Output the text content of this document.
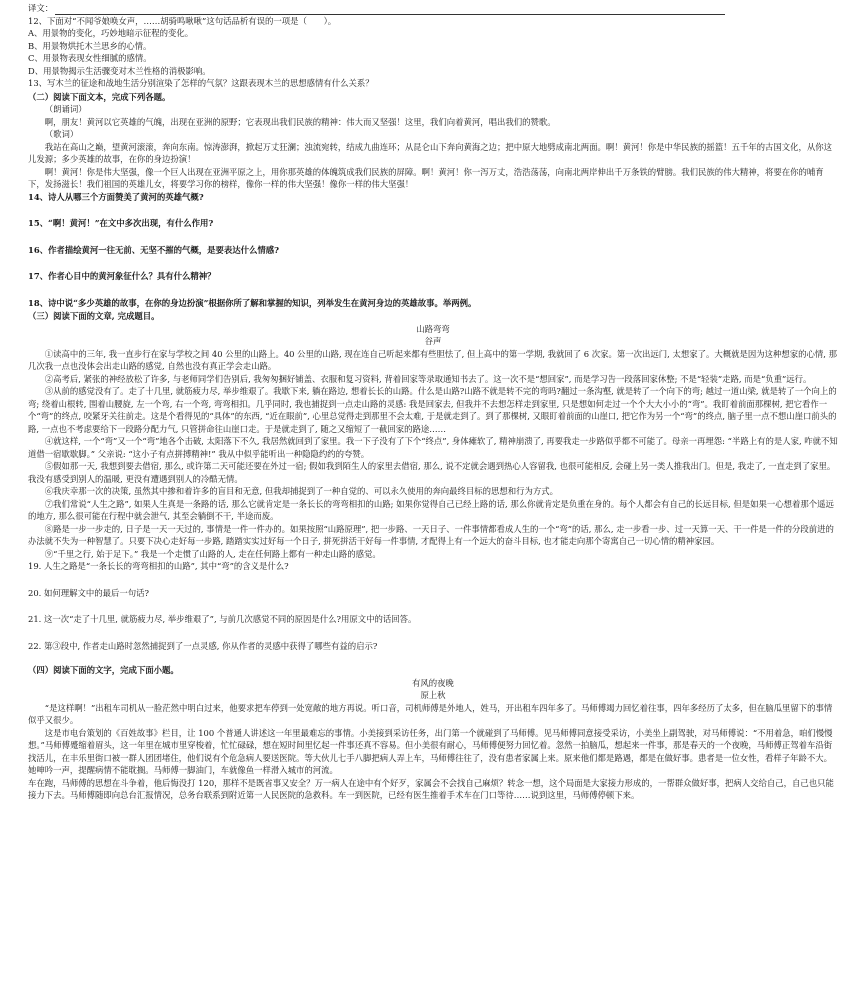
译文：

12、下面对“不闻爷娘唤女声，……胡骑鸣啾啾”这句话品析有误的一项是（　　）。

A、用景物的变化，巧妙地暗示征程的变化。

B、用景物烘托木兰思乡的心情。

C、用景物表现女性细腻的感情。

D、用景物揭示生活骤变对木兰性格的消极影响。

13、写木兰的征途和战地生活分别渲染了怎样的气氛？这跟表现木兰的思想感情有什么关系？

（二）阅读下面文本，完成下列各题。

（朗诵词）

啊，朋友！黄河以它英雄的气魄，出现在亚洲的原野；它表现出我们民族的精神：伟大而又坚强！这里，我们向着黄河，唱出我们的赞歌。

（歌词）

我站在高山之巅，望黄河滚滚，奔向东南。惊涛澎湃，掀起万丈狂澜；浊流宛转，结成九曲连环；从昆仑山下奔向黄海之边；把中原大地劈成南北两面。啊！黄河！你是中华民族的摇篮！五千年的古国文化，从你这儿发源；多少英雄的故事，在你的身边扮演！

啊！黄河！你是伟大坚强，像一个巨人出现在亚洲平原之上，用你那英雄的体魄筑成我们民族的屏障。啊！黄河！你一泻万丈，浩浩荡荡，向南北两岸伸出千万条铁的臂膀。我们民族的伟大精神，将要在你的哺育下，发扬滋长！我们祖国的英雄儿女，将要学习你的榜样，像你一样的伟大坚强！像你一样的伟大坚强！

14、诗人从哪三个方面赞美了黄河的英雄气概?

15、“啊！黄河！”在文中多次出现，有什么作用?

16、作者描绘黄河一往无前、无坚不摧的气概，是要表达什么情感?

17、作者心目中的黄河象征什么？具有什么精神？

18、诗中说“多少英雄的故事，在你的身边扮演”根据你所了解和掌握的知识，列举发生在黄河身边的英雄故事。举两例。

（三）阅读下面的文章, 完成题目。

山路弯弯

谷声

①读高中的三年, 我一直步行在家与学校之间 40 公里的山路上。40 公里的山路, 现在连自己听起来都有些胆怯了, 但上高中的第一学期, 我就回了 6 次家。第一次出远门, 太想家了。大概就是因为这种想家的心情, 那几次我一点也没体会出走山路的感觉, 自然也没有真正学会走山路。

②高考后, 紧张的神经放松了许多, 与老师同学们告别后, 我匆匆捆好铺盖、衣服和复习资料, 背着回家等录取通知书去了。这一次不是“想回家”, 而是学习告一段落回家休整; 不是“轻装”走路, 而是“负重”远行。

③从前的感觉没有了。走了十几里, 就筋疲力尽, 举步维艰了。我歇下来, 躺在路边, 想着长长的山路。什么是山路?山路不就是转不完的弯吗?翻过一条沟壑, 就是转了一个向下的弯; 越过一道山梁, 就是转了一个向上的弯; 绕着山根转, 围着山腰旋, 左一个弯, 右一个弯, 弯弯相扣。几乎同时, 我也捕捉到一点走山路的灵感: 我是回家去, 但我并不去想怎样走到家里, 只是想如何走过一个个大大小小的“弯”。我盯着前面那棵树, 把它看作一个“弯”的终点, 咬紧牙关往前走。这是个看得见的“具体”的东西, “近在眼前”, 心里总觉得走到那里不会太难, 于是就走到了。到了那棵树, 又眼盯着前面的山崖口, 把它作为另一个“弯”的终点, 脑子里一点不想山崖口前头的路, 一点也不考虑要给下一段路分配力气, 只管拼命往山崖口走。于是就走到了, 随之又缩短了一截回家的路途……

④就这样, 一个“弯”又一个“弯”地各个击破, 太阳落下不久, 我居然就回到了家里。我一下子没有了下个“终点”, 身体瘫软了, 精神崩溃了, 再要我走一步路似乎都不可能了。母亲一再埋怨: “半路上有的是人家, 咋就不知道借一宿歇歇脚。” 父亲说: “这小子有点拼搏精神!” 我从中似乎能听出一种隐隐约约的夸赞。

⑤假如那一天, 我想到要去借宿, 那么, 或许第二天可能还要在外过一宿; 假如我到陌生人的家里去借宿, 那么, 说不定就会遇到热心人容留我, 也很可能相反, 会碰上另一类人推我出门。但是, 我走了, 一直走到了家里。我没有感受到别人的温暖, 更没有遭遇到别人的冷酷无情。

⑥我庆幸那一次的决策, 虽然其中掺和着许多的盲目和无意, 但我却捕捉到了一种自觉的、可以永久使用的奔向最终目标的思想和行为方式。

⑦我们常说“人生之路”, 如果人生真是一条路的话, 那么它就肯定是一条长长的弯弯相扣的山路; 如果你觉得自己已经上路的话, 那么你就肯定是负重在身的。每个人都会有自己的长远目标, 但是如果一心想着那个遥远的地方, 那么很可能在行程中就会泄气, 其至会躺倒不干, 半途而废。

⑧路是一步一步走的, 日子是一天一天过的, 事情是一件一件办的。如果按照“山路原理”, 把一步路、一天日子、一件事情都看成人生的一个“弯”的话, 那么, 走一步看一步、过一天算一天、干一件是一件的分段前进的办法就不失为一种智慧了。只要下决心走好每一步路, 踏踏实实过好每一个日子, 拼死拼活干好每一件事情, 才配得上有一个远大的奋斗目标, 也才能走向那个寄寓自己一切心情的精神家园。

⑨“千里之行, 始于足下。” 我是一个走惯了山路的人, 走在任何路上都有一种走山路的感觉。

19. 人生之路是“一条长长的弯弯相扣的山路”, 其中“弯”的含义是什么?

20. 如何理解文中的最后一句话?

21. 这一次“走了十几里, 就筋疲力尽, 举步维艰了”, 与前几次感觉不同的原因是什么?用原文中的话回答。

22. 第③段中, 作者走山路时忽然捕捉到了一点灵感, 你从作者的灵感中获得了哪些有益的启示?

（四）阅读下面的文字，完成下面小题。

有风的夜晚

原上秋

“是这样啊！”出租车司机从一脸茫然中明白过来，他要求把车停到一处宽敞的地方再说。听口音，司机师傅是外地人，姓马，开出租车四年多了。马师傅竭力回忆着往事，四年多经历了太多，但在脑瓜里留下的事情似乎又很少。

这是市电台策划的《百姓故事》栏目，让 100 个普通人讲述这一年里最难忘的事情。小美接到采访任务，出门第一个就碰到了马师傅。见马师傅同意接受采访，小美坐上副驾驶，对马师傅说：“不用着急，咱们慢慢想。”马师傅蹙缩着眉头，这一年里在城市里穿梭着，忙忙碌碌，想在短时间里忆起一件事还真不容易。但小美很有耐心，马师傅便努力回忆着。忽然一拍脑瓜，想起来一件事，那是春天的一个夜晚，马师傅正驾着车沿街找活儿，在丰乐里街口被一群人团团堵住，他们说有个危急病人要送医院。等大伙儿七手八脚把病人弄上车，马师傅往往了，没有患者家属上来。原来他们都是路遇，都是在做好事。患者是一位女性，看样子年龄不大。她呻吟一声，提醒病情不能耽搁。马师傅一脚油门，车就像鱼一样滑入城市的河流。

车在跑，马师傅的思想在斗争着，他后悔没打 120，那样不是既省事又安全？万一病人在途中有个好歹，家属会不会找自己麻烦？转念一想，这个局面是大家接力形成的，一帮群众做好事，把病人交给自己，自己也只能接力下去。马师傅随即向总台汇报情况，总务台联系到附近第一人民医院的急救科。车一到医院，已经有医生推着手术车在门口等待……说到这里，马师傅停顿下来。
